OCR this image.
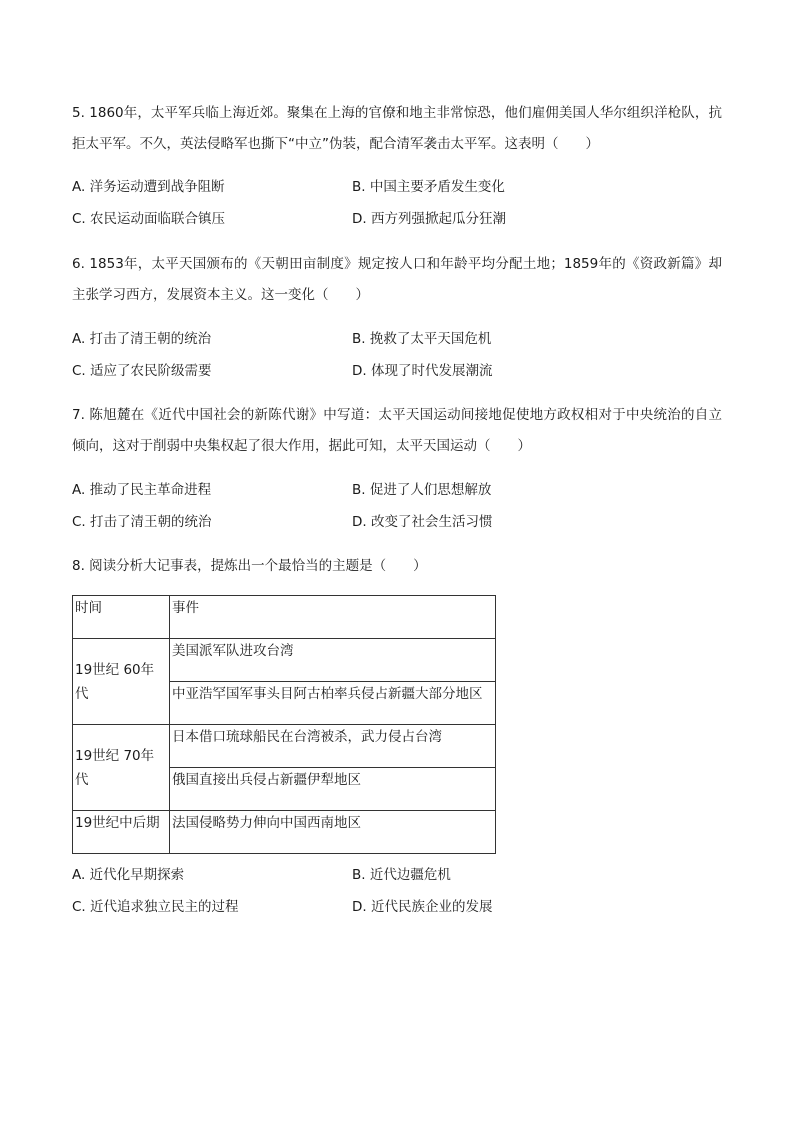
5. 1860年，太平军兵临上海近郊。聚集在上海的官僚和地主非常惊恐，他们雇佣美国人华尔组织洋枪队，抗拒太平军。不久，英法侵略军也撕下“中立”伪装，配合清军袭击太平军。这表明（　　）

A. 洋务运动遭到战争阻断	B. 中国主要矛盾发生变化
C. 农民运动面临联合镇压	D. 西方列强掀起瓜分狂潮

6. 1853年，太平天国颁布的《天朝田亩制度》规定按人口和年龄平均分配土地；1859年的《资政新篇》却主张学习西方，发展资本主义。这一变化（　　）

A. 打击了清王朝的统治	B. 挽救了太平天国危机
C. 适应了农民阶级需要	D. 体现了时代发展潮流

7. 陈旭麓在《近代中国社会的新陈代谢》中写道：太平天国运动间接地促使地方政权相对于中央统治的自立倾向，这对于削弱中央集权起了很大作用，据此可知，太平天国运动（　　）

A. 推动了民主革命进程	B. 促进了人们思想解放
C. 打击了清王朝的统治	D. 改变了社会生活习惯

8. 阅读分析大记事表，提炼出一个最恰当的主题是（　　）

时间	事件
19世纪 60年代	美国派军队进攻台湾
	中亚浩罕国军事头目阿古柏率兵侵占新疆大部分地区
19世纪 70年代	日本借口琉球船民在台湾被杀，武力侵占台湾
	俄国直接出兵侵占新疆伊犁地区
19世纪中后期	法国侵略势力伸向中国西南地区
A. 近代化早期探索	B. 近代边疆危机
C. 近代追求独立民主的过程	D. 近代民族企业的发展
